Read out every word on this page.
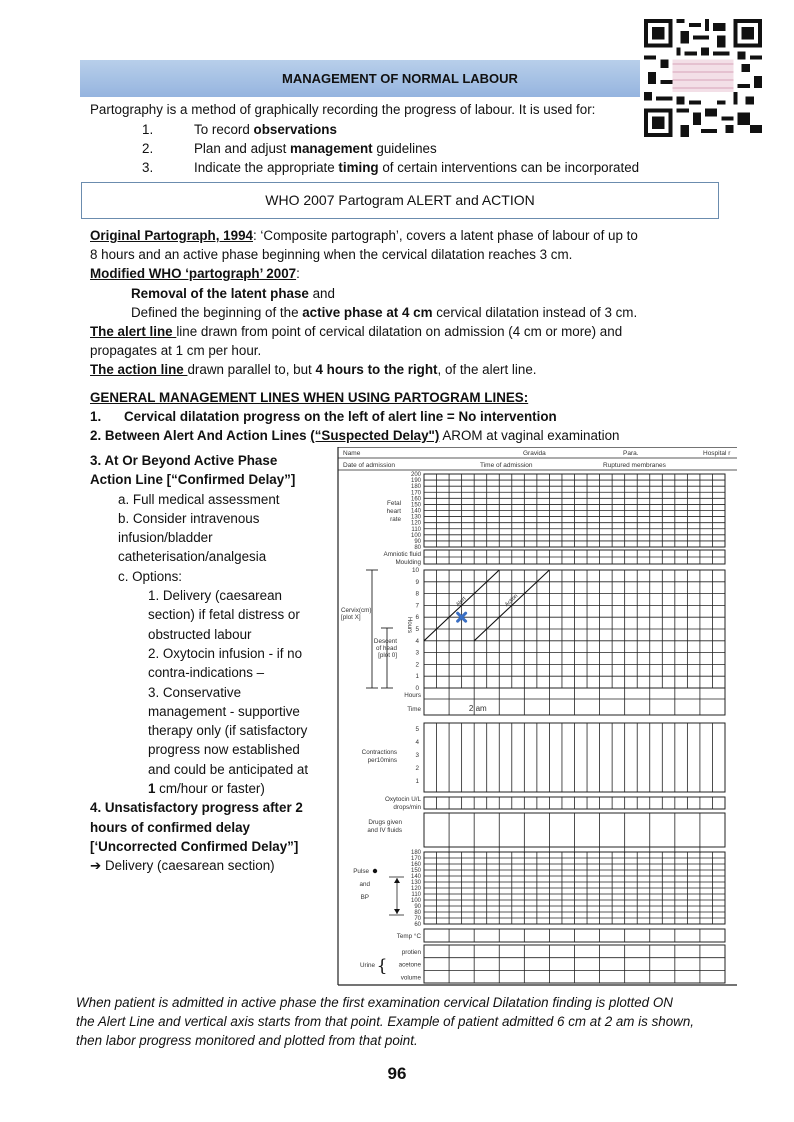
MANAGEMENT OF NORMAL LABOUR
Partography is a method of graphically recording the progress of labour. It is used for:
1.	To record observations
2.	Plan and adjust management guidelines
3.	Indicate the appropriate timing of certain interventions can be incorporated
WHO 2007 Partogram ALERT and ACTION
Original Partograph, 1994: ‘Composite partograph’, covers a latent phase of labour of up to
8 hours and an active phase beginning when the cervical dilatation reaches 3 cm.
Modified WHO ‘partograph’ 2007:
Removal of the latent phase and
Defined the beginning of the active phase at 4 cm cervical dilatation instead of 3 cm.
The alert line line drawn from point of cervical dilatation on admission (4 cm or more) and
propagates at 1 cm per hour.
The action line drawn parallel to, but 4 hours to the right, of the alert line.
GENERAL MANAGEMENT LINES WHEN USING PARTOGRAM LINES:
1. Cervical dilatation progress on the left of alert line = No intervention
2. Between Alert And Action Lines (“Suspected Delay") AROM at vaginal examination
3. At Or Beyond Active Phase
Action Line [“Confirmed Delay”]
a. Full medical assessment
b. Consider intravenous
infusion/bladder
catheterisation/analgesia
c. Options:
1. Delivery (caesarean
section) if fetal distress or
obstructed labour
2. Oxytocin infusion - if no
contra-indications –
3. Conservative
management - supportive
therapy only (if satisfactory
progress now established
and could be anticipated at
1 cm/hour or faster)
4. Unsatisfactory progress after 2
hours of confirmed delay
[‘Uncorrected Confirmed Delay”]
➔ Delivery (caesarean section)
Name	Gravida	Para.	Hospital r
Date of admission	Time of admission	Ruptured membranes
200
190
180
170
160
150
140
130
120
110
100
90
80
Fetal
heart
rate
Amniotic fluid
Moulding
10
9
8
7
6
5
4
3
2
1
0
Cervix(cm)
[plot X]
Descent
of head
[plot 0]
Hours
Hours
Time	2 am
Alert	Action
5
4
3
2
1
Contractions
per10mins
Oxytocin U/L
drops/min
Drugs given
and IV fluids
180
170
160
150
140
130
120
110
100
90
80
70
60
Pulse
and
BP
Temp °C
protien
acetone
volume
Urine {
When patient is admitted in active phase the first examination cervical Dilatation finding is plotted ON
the Alert Line and vertical axis starts from that point. Example of patient admitted 6 cm at 2 am is shown,
then labor progress monitored and plotted from that point.
96
